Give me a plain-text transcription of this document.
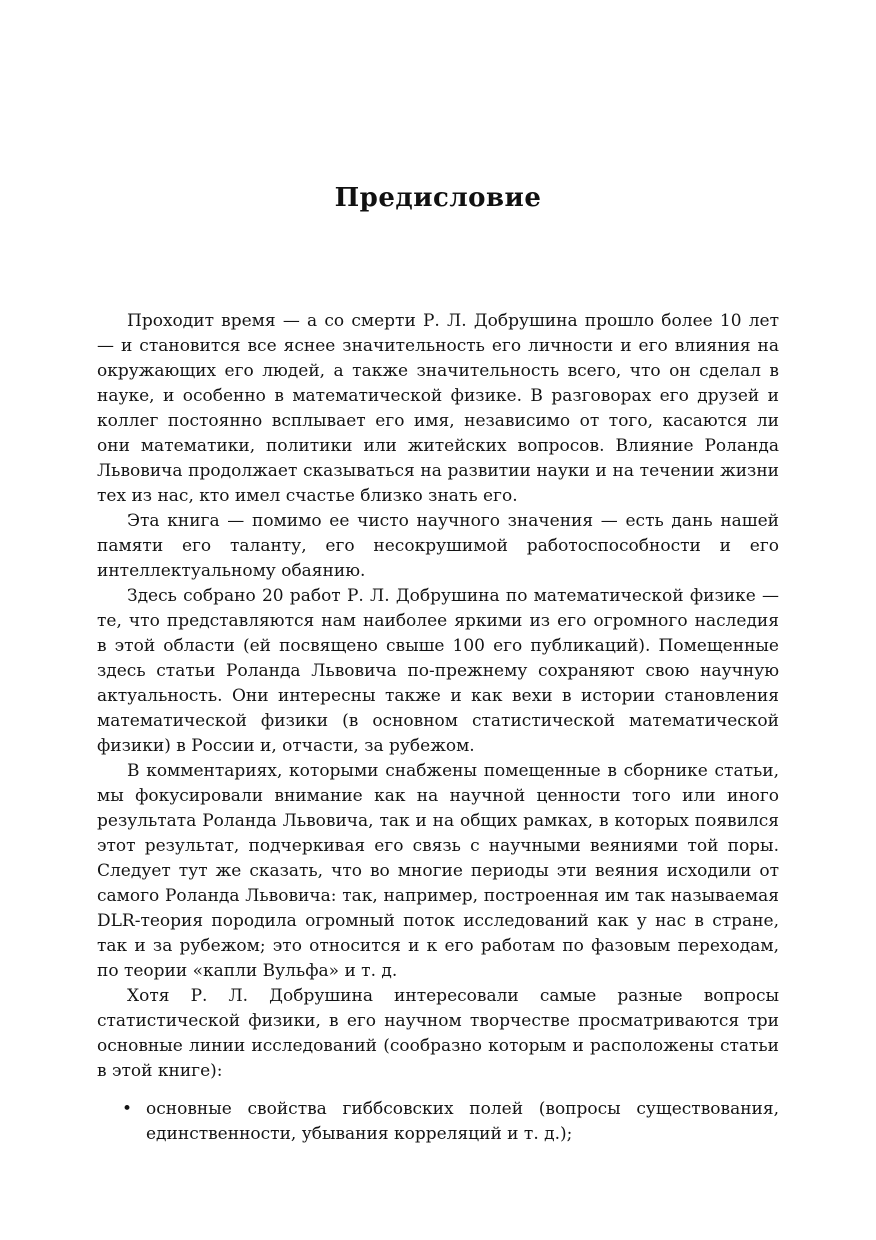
Предисловие

Проходит время — а со смерти Р. Л. Добрушина прошло более 10 лет — и становится все яснее значительность его личности и его влияния на окружающих его людей, а также значительность всего, что он сделал в науке, и особенно в математической физике. В разговорах его друзей и коллег постоянно всплывает его имя, независимо от того, касаются ли они математики, политики или житейских вопросов. Влияние Роланда Львовича продолжает сказываться на развитии науки и на течении жизни тех из нас, кто имел счастье близко знать его.

Эта книга — помимо ее чисто научного значения — есть дань нашей памяти его таланту, его несокрушимой работоспособности и его интеллектуальному обаянию.

Здесь собрано 20 работ Р. Л. Добрушина по математической физике — те, что представляются нам наиболее яркими из его огромного наследия в этой области (ей посвящено свыше 100 его публикаций). Помещенные здесь статьи Роланда Львовича по-прежнему сохраняют свою научную актуальность. Они интересны также и как вехи в истории становления математической физики (в основном статистической математической физики) в России и, отчасти, за рубежом.

В комментариях, которыми снабжены помещенные в сборнике статьи, мы фокусировали внимание как на научной ценности того или иного результата Роланда Львовича, так и на общих рамках, в которых появился этот результат, подчеркивая его связь с научными веяниями той поры. Следует тут же сказать, что во многие периоды эти веяния исходили от самого Роланда Львовича: так, например, построенная им так называемая DLR-теория породила огромный поток исследований как у нас в стране, так и за рубежом; это относится и к его работам по фазовым переходам, по теории «капли Вульфа» и т. д.

Хотя Р. Л. Добрушина интересовали самые разные вопросы статистической физики, в его научном творчестве просматриваются три основные линии исследований (сообразно которым и расположены статьи в этой книге):

• основные свойства гиббсовских полей (вопросы существования, единственности, убывания корреляций и т. д.);
